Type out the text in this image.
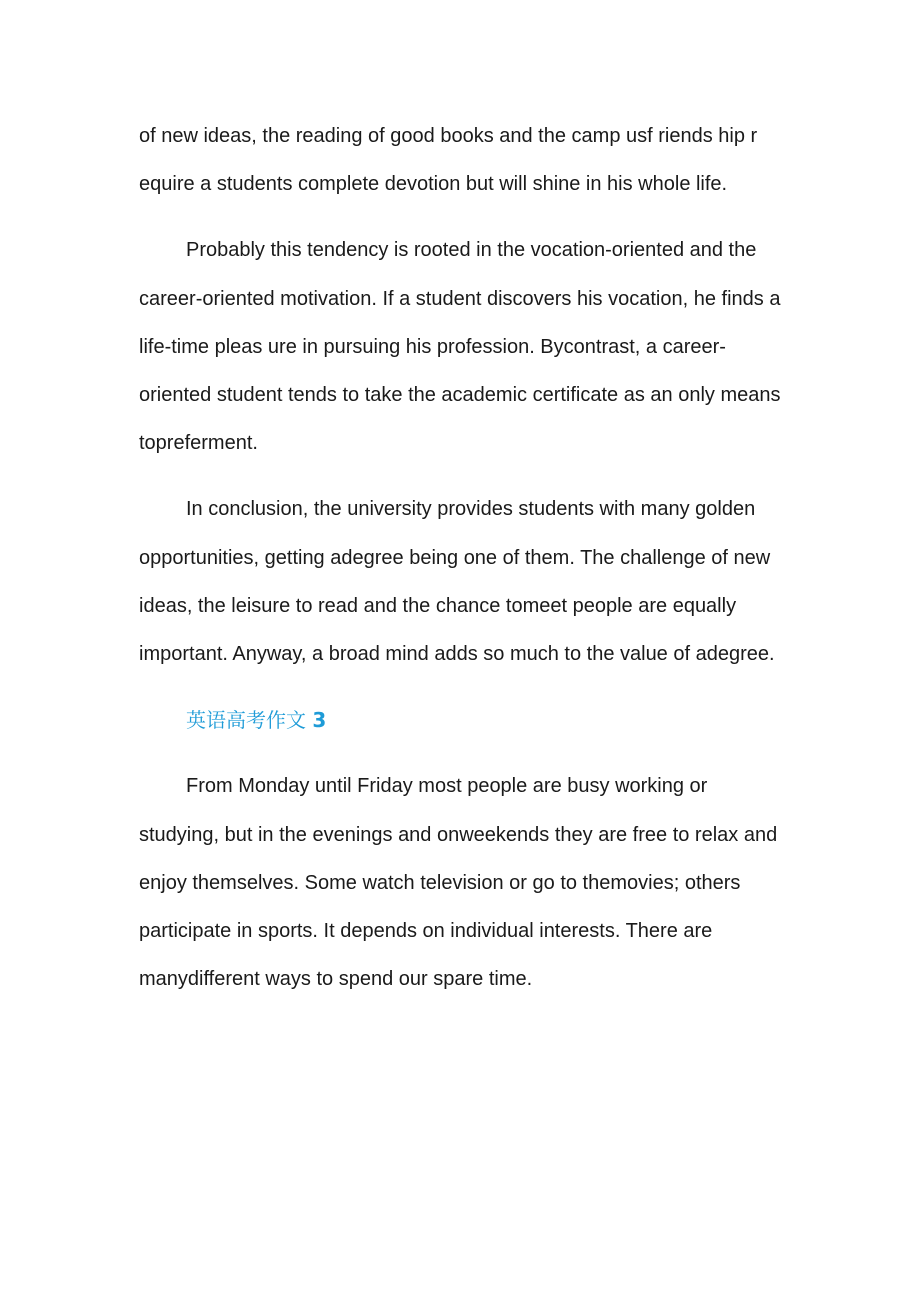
of new ideas, the reading of good books and the camp usf riends hip r equire a students complete devotion but will shine in his whole life.

Probably this tendency is rooted in the vocation-oriented and the career-oriented motivation. If a student discovers his vocation, he finds a life-time pleas ure in pursuing his profession. Bycontrast, a career-oriented student tends to take the academic certificate as an only means topreferment.

In conclusion, the university provides students with many golden opportunities, getting adegree being one of them. The challenge of new ideas, the leisure to read and the chance tomeet people are equally important. Anyway, a broad mind adds so much to the value of adegree.

英语高考作文 3

From Monday until Friday most people are busy working or studying, but in the evenings and onweekends they are free to relax and enjoy themselves. Some watch television or go to themovies; others participate in sports. It depends on individual interests. There are manydifferent ways to spend our spare time.
